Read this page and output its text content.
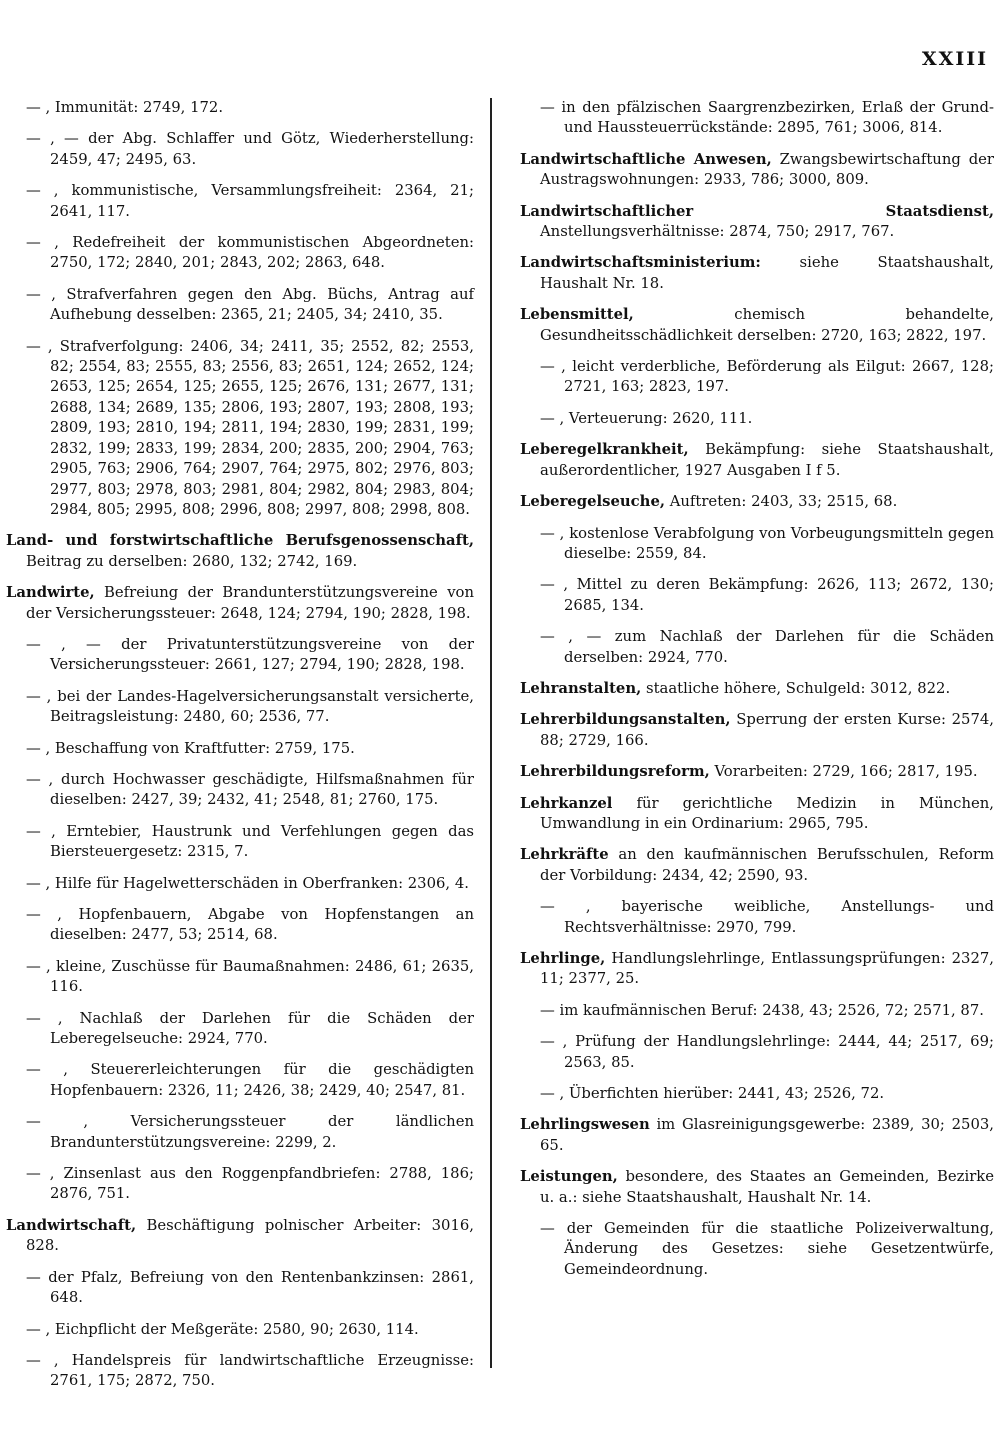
XXIII

— , Immunität: 2749, 172.

— , — der Abg. Schlaffer und Götz, Wiederherstellung: 2459, 47; 2495, 63.

— , kommunistische, Versammlungsfreiheit: 2364, 21; 2641, 117.

— , Redefreiheit der kommunistischen Abgeordneten: 2750, 172; 2840, 201; 2843, 202; 2863, 648.

— , Strafverfahren gegen den Abg. Büchs, Antrag auf Aufhebung desselben: 2365, 21; 2405, 34; 2410, 35.

— , Strafverfolgung: 2406, 34; 2411, 35; 2552, 82; 2553, 82; 2554, 83; 2555, 83; 2556, 83; 2651, 124; 2652, 124; 2653, 125; 2654, 125; 2655, 125; 2676, 131; 2677, 131; 2688, 134; 2689, 135; 2806, 193; 2807, 193; 2808, 193; 2809, 193; 2810, 194; 2811, 194; 2830, 199; 2831, 199; 2832, 199; 2833, 199; 2834, 200; 2835, 200; 2904, 763; 2905, 763; 2906, 764; 2907, 764; 2975, 802; 2976, 803; 2977, 803; 2978, 803; 2981, 804; 2982, 804; 2983, 804; 2984, 805; 2995, 808; 2996, 808; 2997, 808; 2998, 808.

Land- und forstwirtschaftliche Berufsgenossenschaft, Beitrag zu derselben: 2680, 132; 2742, 169.

Landwirte, Befreiung der Brandunterstützungsvereine von der Versicherungssteuer: 2648, 124; 2794, 190; 2828, 198.

— , — der Privatunterstützungsvereine von der Versicherungssteuer: 2661, 127; 2794, 190; 2828, 198.

— , bei der Landes-Hagelversicherungsanstalt versicherte, Beitragsleistung: 2480, 60; 2536, 77.

— , Beschaffung von Kraftfutter: 2759, 175.

— , durch Hochwasser geschädigte, Hilfsmaßnahmen für dieselben: 2427, 39; 2432, 41; 2548, 81; 2760, 175.

— , Erntebier, Haustrunk und Verfehlungen gegen das Biersteuergesetz: 2315, 7.

— , Hilfe für Hagelwetterschäden in Oberfranken: 2306, 4.

— , Hopfenbauern, Abgabe von Hopfenstangen an dieselben: 2477, 53; 2514, 68.

— , kleine, Zuschüsse für Baumaßnahmen: 2486, 61; 2635, 116.

— , Nachlaß der Darlehen für die Schäden der Leberegelseuche: 2924, 770.

— , Steuererleichterungen für die geschädigten Hopfenbauern: 2326, 11; 2426, 38; 2429, 40; 2547, 81.

— , Versicherungssteuer der ländlichen Brandunterstützungsvereine: 2299, 2.

— , Zinsenlast aus den Roggenpfandbriefen: 2788, 186; 2876, 751.

Landwirtschaft, Beschäftigung polnischer Arbeiter: 3016, 828.

— der Pfalz, Befreiung von den Rentenbankzinsen: 2861, 648.

— , Eichpflicht der Meßgeräte: 2580, 90; 2630, 114.

— , Handelspreis für landwirtschaftliche Erzeugnisse: 2761, 175; 2872, 750.

— in den pfälzischen Saargrenzbezirken, Erlaß der Grund- und Haussteuerrückstände: 2895, 761; 3006, 814.

Landwirtschaftliche Anwesen, Zwangsbewirtschaftung der Austragswohnungen: 2933, 786; 3000, 809.

Landwirtschaftlicher Staatsdienst, Anstellungsverhältnisse: 2874, 750; 2917, 767.

Landwirtschaftsministerium: siehe Staatshaushalt, Haushalt Nr. 18.

Lebensmittel, chemisch behandelte, Gesundheitsschädlichkeit derselben: 2720, 163; 2822, 197.

— , leicht verderbliche, Beförderung als Eilgut: 2667, 128; 2721, 163; 2823, 197.

— , Verteuerung: 2620, 111.

Leberegelkrankheit, Bekämpfung: siehe Staatshaushalt, außerordentlicher, 1927 Ausgaben I f 5.

Leberegelseuche, Auftreten: 2403, 33; 2515, 68.

— , kostenlose Verabfolgung von Vorbeugungsmitteln gegen dieselbe: 2559, 84.

— , Mittel zu deren Bekämpfung: 2626, 113; 2672, 130; 2685, 134.

— , — zum Nachlaß der Darlehen für die Schäden derselben: 2924, 770.

Lehranstalten, staatliche höhere, Schulgeld: 3012, 822.

Lehrerbildungsanstalten, Sperrung der ersten Kurse: 2574, 88; 2729, 166.

Lehrerbildungsreform, Vorarbeiten: 2729, 166; 2817, 195.

Lehrkanzel für gerichtliche Medizin in München, Umwandlung in ein Ordinarium: 2965, 795.

Lehrkräfte an den kaufmännischen Berufsschulen, Reform der Vorbildung: 2434, 42; 2590, 93.

— , bayerische weibliche, Anstellungs- und Rechtsverhältnisse: 2970, 799.

Lehrlinge, Handlungslehrlinge, Entlassungsprüfungen: 2327, 11; 2377, 25.

— im kaufmännischen Beruf: 2438, 43; 2526, 72; 2571, 87.

— , Prüfung der Handlungslehrlinge: 2444, 44; 2517, 69; 2563, 85.

— , Überfichten hierüber: 2441, 43; 2526, 72.

Lehrlingswesen im Glasreinigungsgewerbe: 2389, 30; 2503, 65.

Leistungen, besondere, des Staates an Gemeinden, Bezirke u. a.: siehe Staatshaushalt, Haushalt Nr. 14.

— der Gemeinden für die staatliche Polizeiverwaltung, Änderung des Gesetzes: siehe Gesetzentwürfe, Gemeindeordnung.
